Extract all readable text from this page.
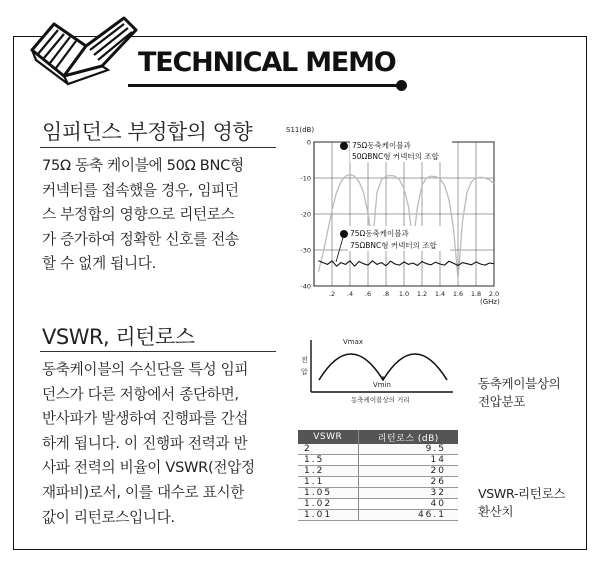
TECHNICAL MEMO
임피던스 부정합의 영향
75Ω 동축 케이블에 50Ω BNC형
커넥터를 접속했을 경우, 임피던
스 부정합의 영향으로 리턴로스
가 증가하여 정확한 신호를 전송
할 수 없게 됩니다.
VSWR, 리턴로스
동축케이블의 수신단을 특성 임피
던스가 다른 저항에서 종단하면,
반사파가 발생하여 진행파를 간섭
하게 됩니다. 이 진행파 전력과 반
사파 전력의 비율이 VSWR(전압정
재파비)로서, 이를 대수로 표시한
값이 리턴로스입니다.
S11(dB)
(GHz)
.2 .4 .6 .8 1.0 1.2 1.4 1.6 1.8 2.0
0
-10
-20
-30
-40
75Ω동축케이블과
50ΩBNC형 커넥터의 조합
75Ω동축케이블과
75ΩBNC형 커넥터의 조합
Vmax
Vmin
전 압
동축케이블상의 거리
동축케이블상의
전압분포
VSWR	리턴로스 (dB)
2	9.5
1.5	14
1.2	20
1.1	26
1.05	32
1.02	40
1.01	46.1
VSWR-리턴로스
환산치
